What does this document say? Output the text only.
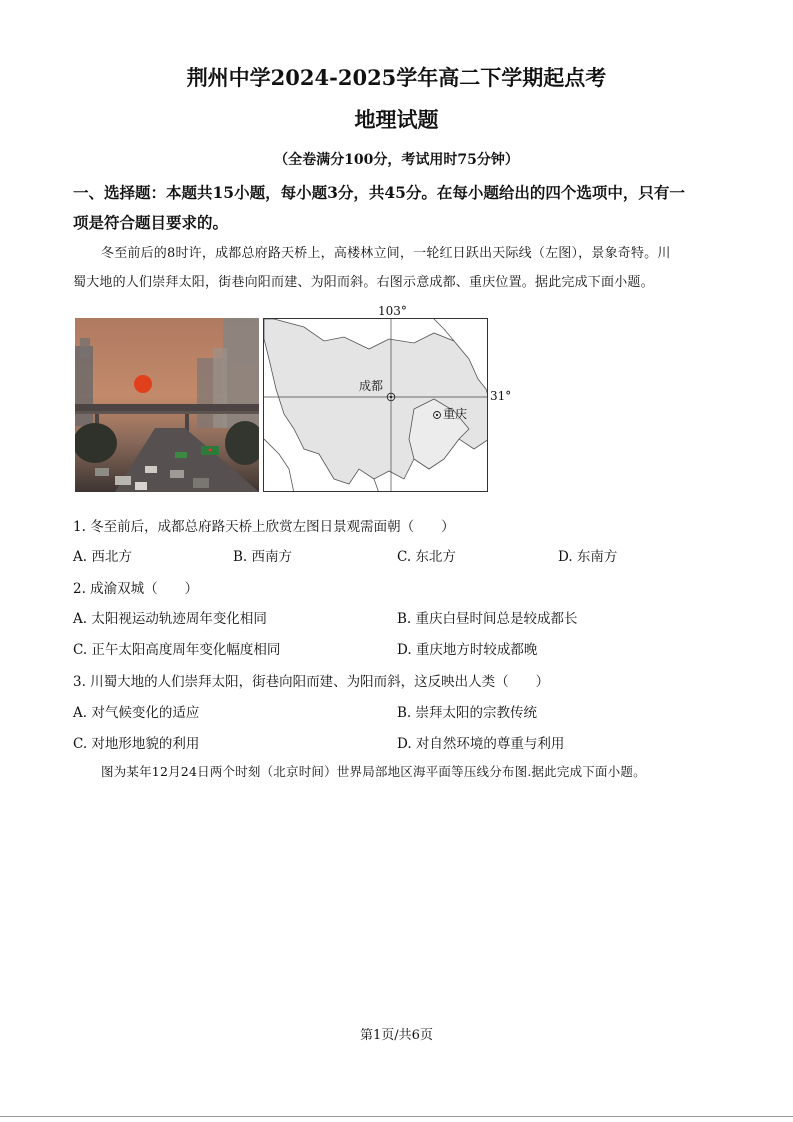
荆州中学2024-2025学年高二下学期起点考
地理试题
（全卷满分100分，考试用时75分钟）
一、选择题：本题共15小题，每小题3分，共45分。在每小题给出的四个选项中，只有一
项是符合题目要求的。
冬至前后的8时许，成都总府路天桥上，高楼林立间，一轮红日跃出天际线（左图），景象奇特。川
蜀大地的人们崇拜太阳，街巷向阳而建、为阳而斜。右图示意成都、重庆位置。据此完成下面小题。
103°
31°
成都
重庆
1. 冬至前后，成都总府路天桥上欣赏左图日景观需面朝（　　）
A. 西北方	B. 西南方	C. 东北方	D. 东南方
2. 成渝双城（　　）
A. 太阳视运动轨迹周年变化相同	B. 重庆白昼时间总是较成都长
C. 正午太阳高度周年变化幅度相同	D. 重庆地方时较成都晚
3. 川蜀大地的人们崇拜太阳，街巷向阳而建、为阳而斜，这反映出人类（　　）
A. 对气候变化的适应	B. 崇拜太阳的宗教传统
C. 对地形地貌的利用	D. 对自然环境的尊重与利用
图为某年12月24日两个时刻（北京时间）世界局部地区海平面等压线分布图.据此完成下面小题。
第1页/共6页
